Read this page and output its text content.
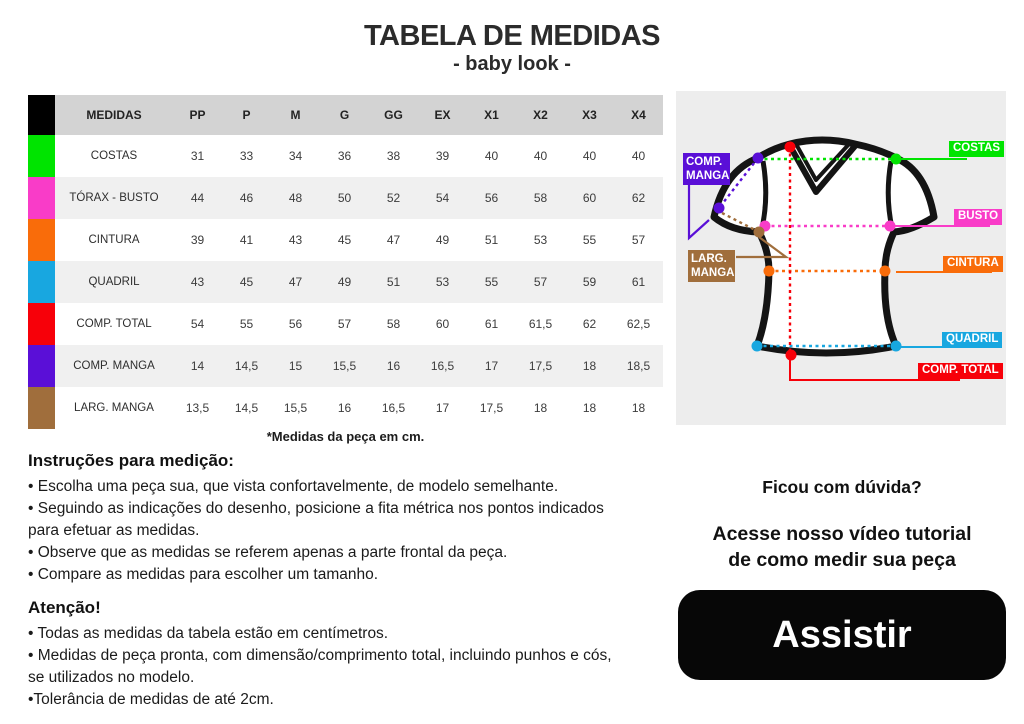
TABELA DE MEDIDAS
- baby look -
	MEDIDAS	PP	P	M	G	GG	EX	X1	X2	X3	X4
	COSTAS	31	33	34	36	38	39	40	40	40	40
	TÓRAX - BUSTO	44	46	48	50	52	54	56	58	60	62
	CINTURA	39	41	43	45	47	49	51	53	55	57
	QUADRIL	43	45	47	49	51	53	55	57	59	61
	COMP. TOTAL	54	55	56	57	58	60	61	61,5	62	62,5
	COMP. MANGA	14	14,5	15	15,5	16	16,5	17	17,5	18	18,5
	LARG. MANGA	13,5	14,5	15,5	16	16,5	17	17,5	18	18	18
*Medidas da peça em cm.
COSTAS
BUSTO
CINTURA
QUADRIL
COMP. TOTAL
COMP. MANGA
LARG. MANGA
Instruções para medição:
• Escolha uma peça sua, que vista confortavelmente, de modelo semelhante.
• Seguindo as indicações do desenho, posicione a fita métrica nos pontos indicados para efetuar as medidas.
• Observe que as medidas se referem apenas a parte frontal da peça.
• Compare as medidas para escolher um tamanho.
Atenção!
• Todas as medidas da tabela estão em centímetros.
• Medidas de peça pronta, com dimensão/comprimento total, incluindo punhos e cós, se utilizados no modelo.
•Tolerância de medidas de até 2cm.
Ficou com dúvida?
Acesse nosso vídeo tutorial
de como medir sua peça
Assistir
